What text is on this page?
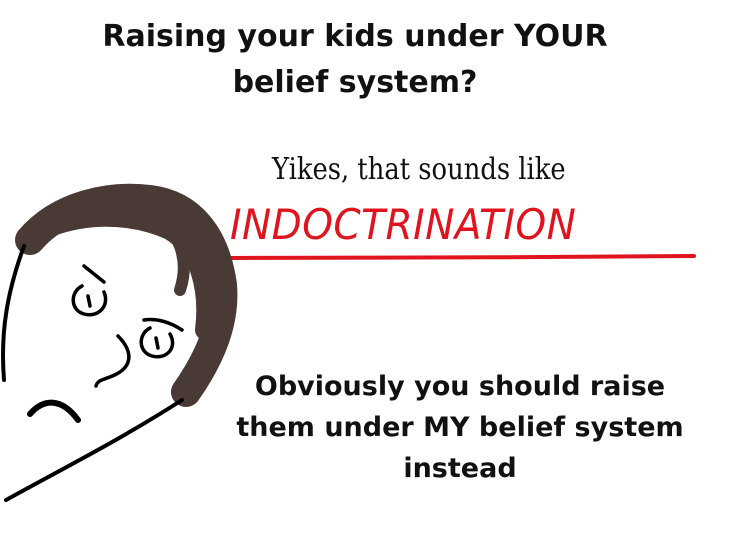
Raising your kids under YOUR
belief system?
Yikes, that sounds like
INDOCTRINATION
Obviously you should raise
them under MY belief system
instead
